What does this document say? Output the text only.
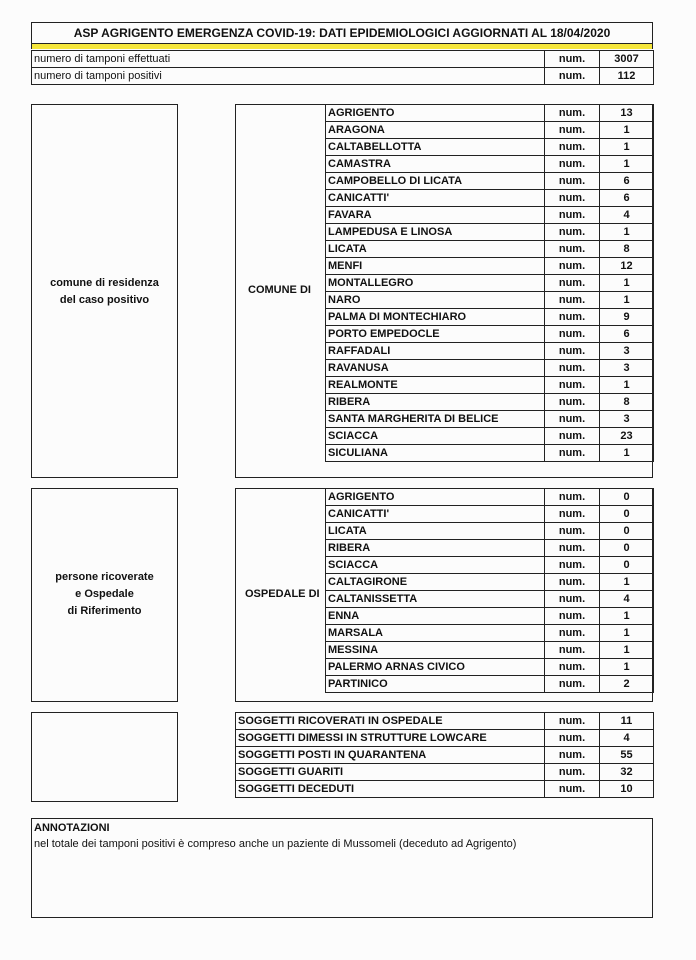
ASP AGRIGENTO EMERGENZA COVID-19: DATI EPIDEMIOLOGICI AGGIORNATI AL 18/04/2020
numero di tamponi effettuati	num.	3007
numero di tamponi positivi	num.	112
comune di residenza
del caso positivo
COMUNE DI
AGRIGENTO	num.	13
ARAGONA	num.	1
CALTABELLOTTA	num.	1
CAMASTRA	num.	1
CAMPOBELLO DI LICATA	num.	6
CANICATTI'	num.	6
FAVARA	num.	4
LAMPEDUSA E LINOSA	num.	1
LICATA	num.	8
MENFI	num.	12
MONTALLEGRO	num.	1
NARO	num.	1
PALMA DI MONTECHIARO	num.	9
PORTO EMPEDOCLE	num.	6
RAFFADALI	num.	3
RAVANUSA	num.	3
REALMONTE	num.	1
RIBERA	num.	8
SANTA MARGHERITA DI BELICE	num.	3
SCIACCA	num.	23
SICULIANA	num.	1
persone ricoverate
e Ospedale
di Riferimento
OSPEDALE DI
AGRIGENTO	num.	0
CANICATTI'	num.	0
LICATA	num.	0
RIBERA	num.	0
SCIACCA	num.	0
CALTAGIRONE	num.	1
CALTANISSETTA	num.	4
ENNA	num.	1
MARSALA	num.	1
MESSINA	num.	1
PALERMO ARNAS CIVICO	num.	1
PARTINICO	num.	2
SOGGETTI RICOVERATI IN OSPEDALE	num.	11
SOGGETTI DIMESSI IN STRUTTURE LOWCARE	num.	4
SOGGETTI POSTI IN QUARANTENA	num.	55
SOGGETTI GUARITI	num.	32
SOGGETTI DECEDUTI	num.	10
ANNOTAZIONI
nel totale dei tamponi positivi è compreso anche un paziente di Mussomeli (deceduto ad Agrigento)
